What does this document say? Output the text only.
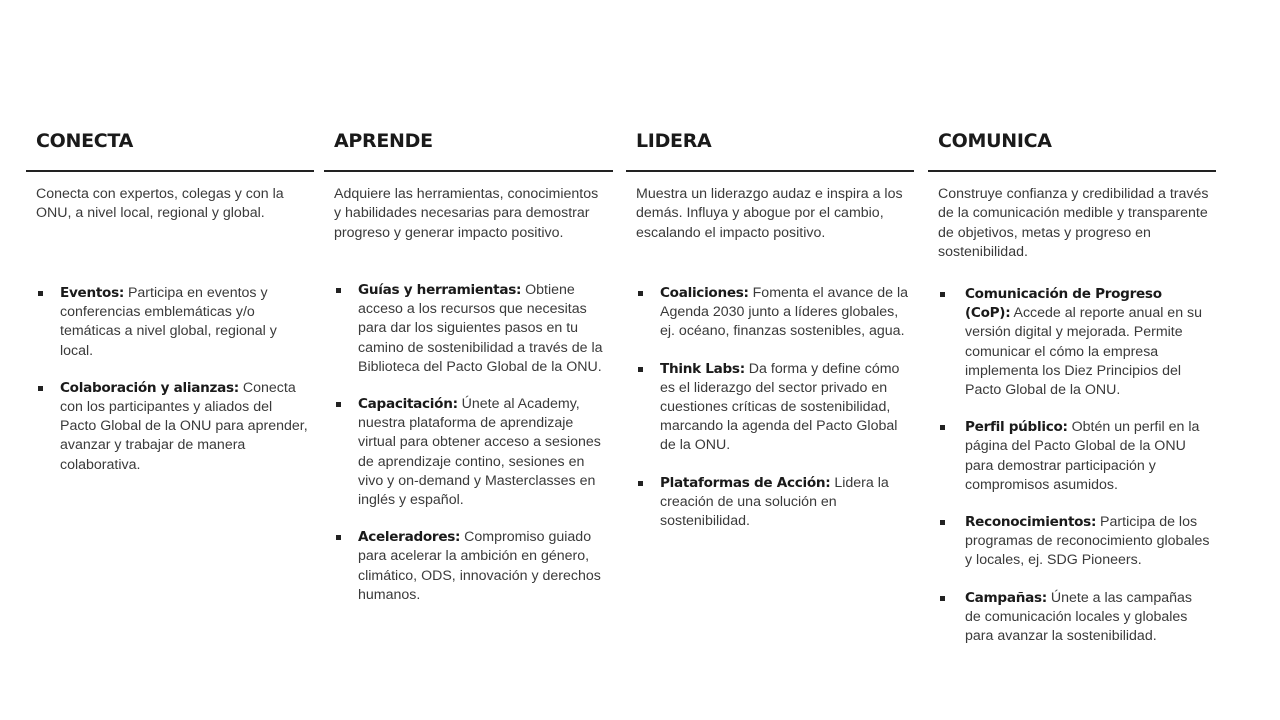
CONECTA

Conecta con expertos, colegas y con la ONU, a nivel local, regional y global.

Eventos: Participa en eventos y conferencias emblemáticas y/o temáticas a nivel global, regional y local.
Colaboración y alianzas: Conecta con los participantes y aliados del Pacto Global de la ONU para aprender, avanzar y trabajar de manera colaborativa.
APRENDE

Adquiere las herramientas, conocimientos y habilidades necesarias para demostrar progreso y generar impacto positivo.

Guías y herramientas: Obtiene acceso a los recursos que necesitas para dar los siguientes pasos en tu camino de sostenibilidad a través de la Biblioteca del Pacto Global de la ONU.
Capacitación: Únete al Academy, nuestra plataforma de aprendizaje virtual para obtener acceso a sesiones de aprendizaje contino, sesiones en vivo y on-demand y Masterclasses en inglés y español.
Aceleradores: Compromiso guiado para acelerar la ambición en género, climático, ODS, innovación y derechos humanos.
LIDERA

Muestra un liderazgo audaz e inspira a los demás. Influya y abogue por el cambio, escalando el impacto positivo.

Coaliciones: Fomenta el avance de la Agenda 2030 junto a líderes globales, ej. océano, finanzas sostenibles, agua.
Think Labs: Da forma y define cómo es el liderazgo del sector privado en cuestiones críticas de sostenibilidad, marcando la agenda del Pacto Global de la ONU.
Plataformas de Acción: Lidera la creación de una solución en sostenibilidad.
COMUNICA

Construye confianza y credibilidad a través de la comunicación medible y transparente de objetivos, metas y progreso en sostenibilidad.

Comunicación de Progreso (CoP): Accede al reporte anual en su versión digital y mejorada. Permite comunicar el cómo la empresa implementa los Diez Principios del Pacto Global de la ONU.
Perfil público: Obtén un perfil en la página del Pacto Global de la ONU para demostrar participación y compromisos asumidos.
Reconocimientos: Participa de los programas de reconocimiento globales y locales, ej. SDG Pioneers.
Campañas: Únete a las campañas de comunicación locales y globales para avanzar la sostenibilidad.
